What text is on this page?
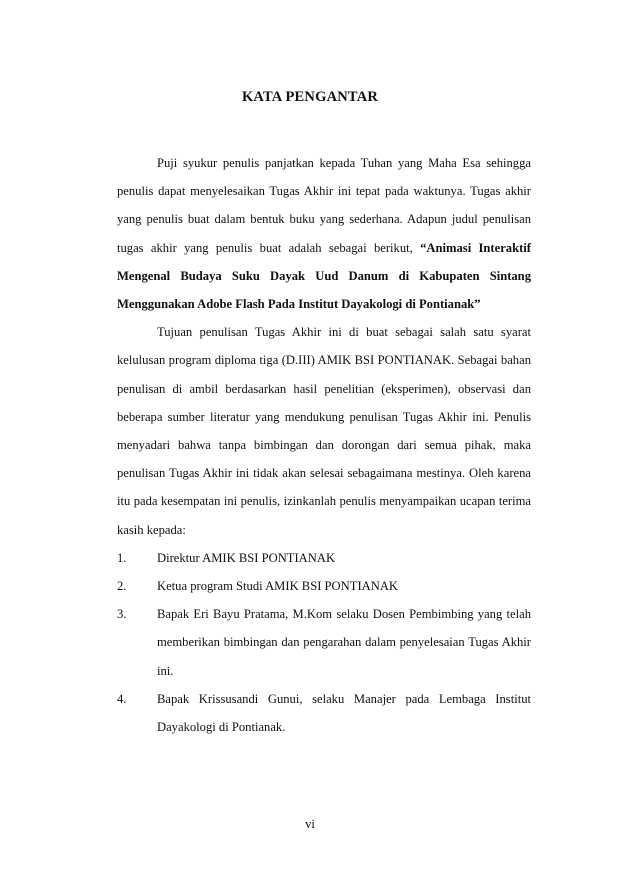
KATA PENGANTAR

Puji syukur penulis panjatkan kepada Tuhan yang Maha Esa sehingga penulis dapat menyelesaikan Tugas Akhir ini tepat pada waktunya. Tugas akhir yang penulis buat dalam bentuk buku yang sederhana. Adapun judul penulisan tugas akhir yang penulis buat adalah sebagai berikut, “Animasi Interaktif Mengenal Budaya Suku Dayak Uud Danum di Kabupaten Sintang Menggunakan Adobe Flash Pada Institut Dayakologi di Pontianak”

Tujuan penulisan Tugas Akhir ini di buat sebagai salah satu syarat kelulusan program diploma tiga (D.III) AMIK BSI PONTIANAK. Sebagai bahan penulisan di ambil berdasarkan hasil penelitian (eksperimen), observasi dan beberapa sumber literatur yang mendukung penulisan Tugas Akhir ini. Penulis menyadari bahwa tanpa bimbingan dan dorongan dari semua pihak, maka penulisan Tugas Akhir ini tidak akan selesai sebagaimana mestinya. Oleh karena itu pada kesempatan ini penulis, izinkanlah penulis menyampaikan ucapan terima kasih kepada:

1.	Direktur AMIK BSI PONTIANAK
2.	Ketua program Studi AMIK BSI PONTIANAK
3.	Bapak Eri Bayu Pratama, M.Kom selaku Dosen Pembimbing yang telah memberikan bimbingan dan pengarahan dalam penyelesaian Tugas Akhir ini.
4.	Bapak Krissusandi Gunui, selaku Manajer pada Lembaga Institut Dayakologi di Pontianak.
vi
